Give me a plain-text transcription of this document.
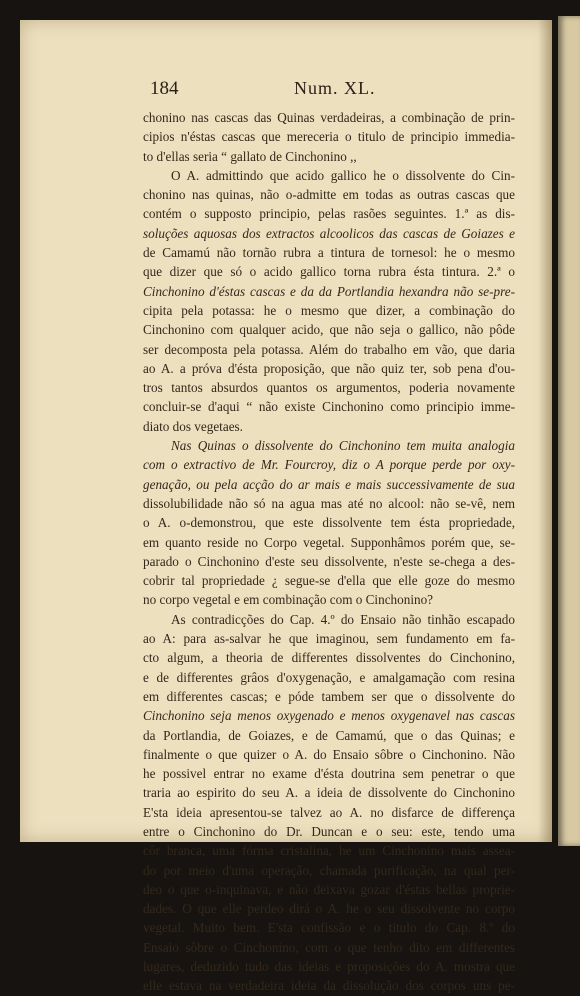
184	Num. XL.
chonino nas cascas das Quinas verdadeiras, a combinação de prin-
cipios n'éstas cascas que mereceria o titulo de principio immedia-
to d'ellas seria “ gallato de Cinchonino ,,
O A. admittindo que acido gallico he o dissolvente do Cin-
chonino nas quinas, não o-admitte em todas as outras cascas que
contém o supposto principio, pelas rasões seguintes. 1.ª as dis-
soluções aquosas dos extractos alcoolicos das cascas de Goiazes e
de Camamú não tornão rubra a tintura de tornesol: he o mesmo
que dizer que só o acido gallico torna rubra ésta tintura. 2.ª o
Cinchonino d'éstas cascas e da da Portlandia hexandra não se-pre-
cipita pela potassa: he o mesmo que dizer, a combinação do
Cinchonino com qualquer acido, que não seja o gallico, não pôde
ser decomposta pela potassa. Além do trabalho em vão, que daria
ao A. a próva d'ésta proposição, que não quiz ter, sob pena d'ou-
tros tantos absurdos quantos os argumentos, poderia novamente
concluir-se d'aqui “ não existe Cinchonino como principio imme-
diato dos vegetaes.
Nas Quinas o dissolvente do Cinchonino tem muita analogia
com o extractivo de Mr. Fourcroy, diz o A porque perde por oxy-
genação, ou pela acção do ar mais e mais successivamente de sua
dissolubilidade não só na agua mas até no alcool: não se-vê, nem
o A. o-demonstrou, que este dissolvente tem ésta propriedade,
em quanto reside no Corpo vegetal. Supponhâmos porém que, se-
parado o Cinchonino d'este seu dissolvente, n'este se-chega a des-
cobrir tal propriedade ¿ segue-se d'ella que elle goze do mesmo
no corpo vegetal e em combinação com o Cinchonino?
As contradicções do Cap. 4.º do Ensaio não tinhão escapado
ao A: para as-salvar he que imaginou, sem fundamento em fa-
cto algum, a theoria de differentes dissolventes do Cinchonino,
e de differentes grâos d'oxygenação, e amalgamação com resina
em differentes cascas; e póde tambem ser que o dissolvente do
Cinchonino seja menos oxygenado e menos oxygenavel nas cascas
da Portlandia, de Goiazes, e de Camamú, que o das Quinas; e
finalmente o que quizer o A. do Ensaio sôbre o Cinchonino. Não
he possivel entrar no exame d'ésta doutrina sem penetrar o que
traria ao espirito do seu A. a ideia de dissolvente do Cinchonino
E'sta ideia apresentou-se talvez ao A. no disfarce de differença
entre o Cinchonino do Dr. Duncan e o seu: este, tendo uma
côr branca, uma fórma cristalina, he um Cinchonino mais assea-
do por meio d'uma operação, chamada purificação, na qual per-
deo o que o-inquinava, e não deixava gozar d'éstas bellas proprie-
dades. O que elle perdeo dirá o A. he o seu dissolvente no corpo
vegetal. Muito bem. E'sta confissão e o titulo do Cap. 8.º do
Ensaio sôbre o Cinchonino, com o que tenho dito em differentes
lugares, deduzido tudo das ideias e proposições do A. mostra que
elle estava na verdadeira ideia da dissolução dos corpos uns pe-
